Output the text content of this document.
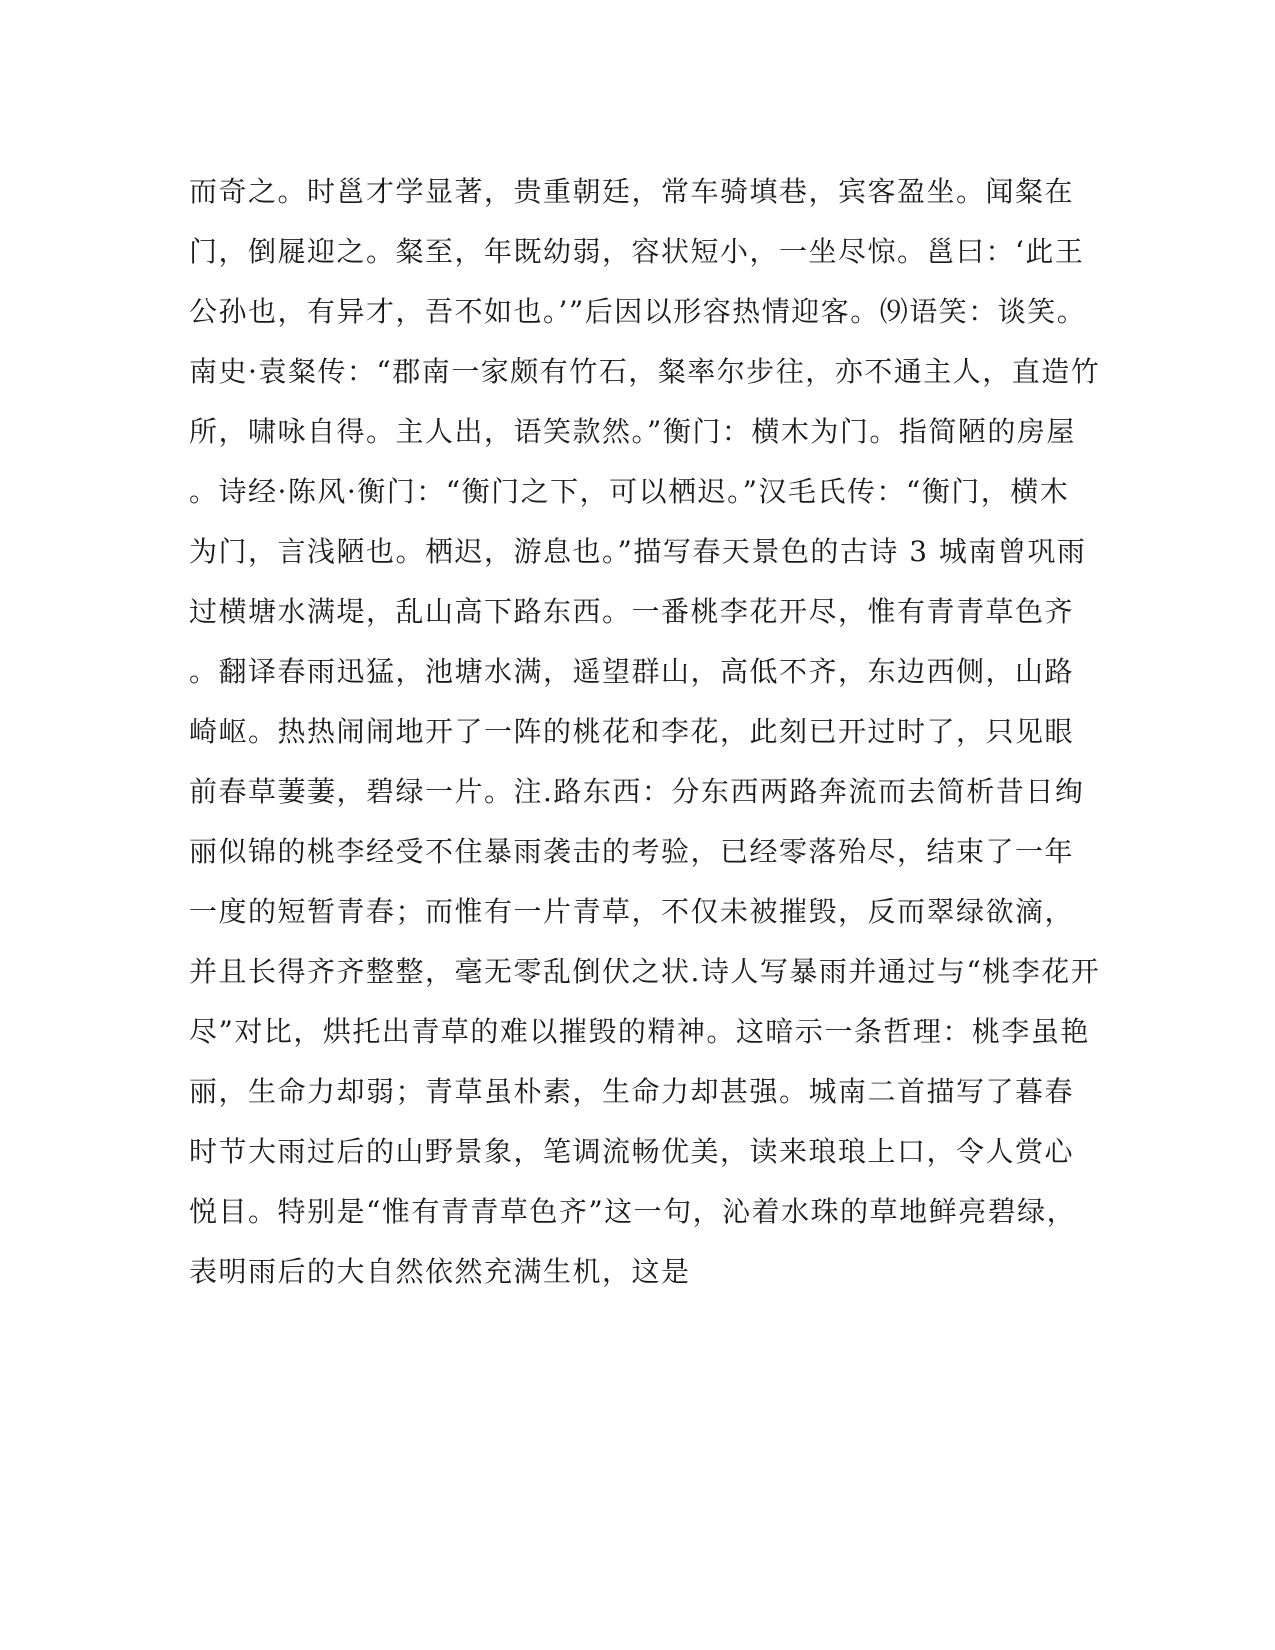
而奇之。时邕才学显著，贵重朝廷，常车骑填巷，宾客盈坐。闻粲在
门，倒屣迎之。粲至，年既幼弱，容状短小，一坐尽惊。邕曰：‘此王
公孙也，有异才，吾不如也。’”后因以形容热情迎客。⑼语笑：谈笑。
南史·袁粲传：“郡南一家颇有竹石，粲率尔步往，亦不通主人，直造竹
所，啸咏自得。主人出，语笑款然。”衡门：横木为门。指简陋的房屋
。诗经·陈风·衡门：“衡门之下，可以栖迟。”汉毛氏传：“衡门，横木
为门，言浅陋也。栖迟，游息也。”描写春天景色的古诗 3 城南曾巩雨
过横塘水满堤，乱山高下路东西。一番桃李花开尽，惟有青青草色齐
。翻译春雨迅猛，池塘水满，遥望群山，高低不齐，东边西侧，山路
崎岖。热热闹闹地开了一阵的桃花和李花，此刻已开过时了，只见眼
前春草萋萋，碧绿一片。注.路东西：分东西两路奔流而去简析昔日绚
丽似锦的桃李经受不住暴雨袭击的考验，已经零落殆尽，结束了一年
一度的短暂青春；而惟有一片青草，不仅未被摧毁，反而翠绿欲滴，
并且长得齐齐整整，毫无零乱倒伏之状.诗人写暴雨并通过与“桃李花开
尽”对比，烘托出青草的难以摧毁的精神。这暗示一条哲理：桃李虽艳
丽，生命力却弱；青草虽朴素，生命力却甚强。城南二首描写了暮春
时节大雨过后的山野景象，笔调流畅优美，读来琅琅上口，令人赏心
悦目。特别是“惟有青青草色齐”这一句，沁着水珠的草地鲜亮碧绿，
表明雨后的大自然依然充满生机，这是
